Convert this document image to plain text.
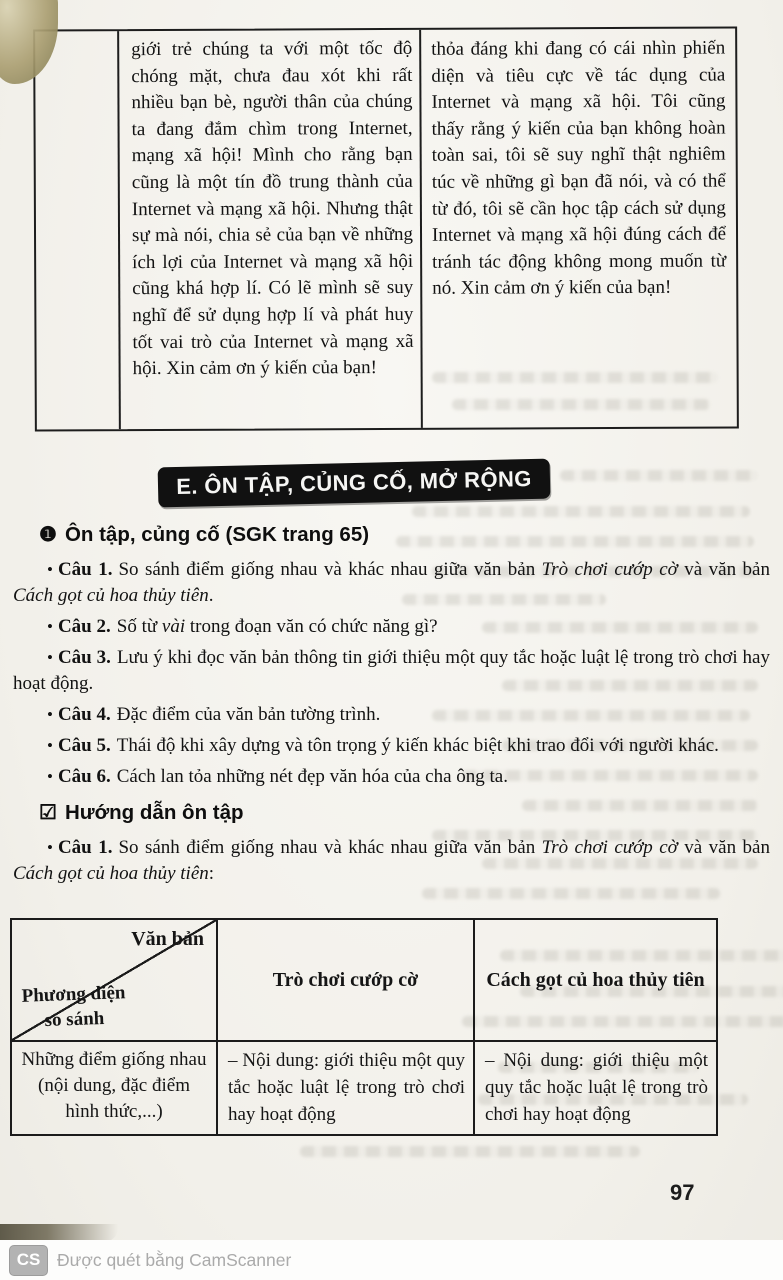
giới trẻ chúng ta với một tốc độ chóng mặt, chưa đau xót khi rất nhiều bạn bè, người thân của chúng ta đang đắm chìm trong Internet, mạng xã hội! Mình cho rằng bạn cũng là một tín đồ trung thành của Internet và mạng xã hội. Nhưng thật sự mà nói, chia sẻ của bạn về những ích lợi của Internet và mạng xã hội cũng khá hợp lí. Có lẽ mình sẽ suy nghĩ để sử dụng hợp lí và phát huy tốt vai trò của Internet và mạng xã hội. Xin cảm ơn ý kiến của bạn!
thỏa đáng khi đang có cái nhìn phiến diện và tiêu cực về tác dụng của Internet và mạng xã hội. Tôi cũng thấy rằng ý kiến của bạn không hoàn toàn sai, tôi sẽ suy nghĩ thật nghiêm túc về những gì bạn đã nói, và có thể từ đó, tôi sẽ cần học tập cách sử dụng Internet và mạng xã hội đúng cách để tránh tác động không mong muốn từ nó. Xin cảm ơn ý kiến của bạn!
E. ÔN TẬP, CỦNG CỐ, MỞ RỘNG
❶ Ôn tập, củng cố (SGK trang 65)

• Câu 1. So sánh điểm giống nhau và khác nhau giữa văn bản Trò chơi cướp cờ và văn bản Cách gọt củ hoa thủy tiên.

• Câu 2. Số từ vài trong đoạn văn có chức năng gì?

• Câu 3. Lưu ý khi đọc văn bản thông tin giới thiệu một quy tắc hoặc luật lệ trong trò chơi hay hoạt động.

• Câu 4. Đặc điểm của văn bản tường trình.

• Câu 5. Thái độ khi xây dựng và tôn trọng ý kiến khác biệt khi trao đổi với người khác.

• Câu 6. Cách lan tỏa những nét đẹp văn hóa của cha ông ta.

☑ Hướng dẫn ôn tập

• Câu 1. So sánh điểm giống nhau và khác nhau giữa văn bản Trò chơi cướp cờ và văn bản Cách gọt củ hoa thủy tiên:

Văn bản
Phương diện so sánh
Trò chơi cướp cờ	Cách gọt củ hoa thủy tiên
Những điểm giống nhau (nội dung, đặc điểm hình thức,...)
– Nội dung: giới thiệu một quy tắc hoặc luật lệ trong trò chơi hay hoạt động
– Nội dung: giới thiệu một quy tắc hoặc luật lệ trong trò chơi hay hoạt động
97
CS Được quét bằng CamScanner
